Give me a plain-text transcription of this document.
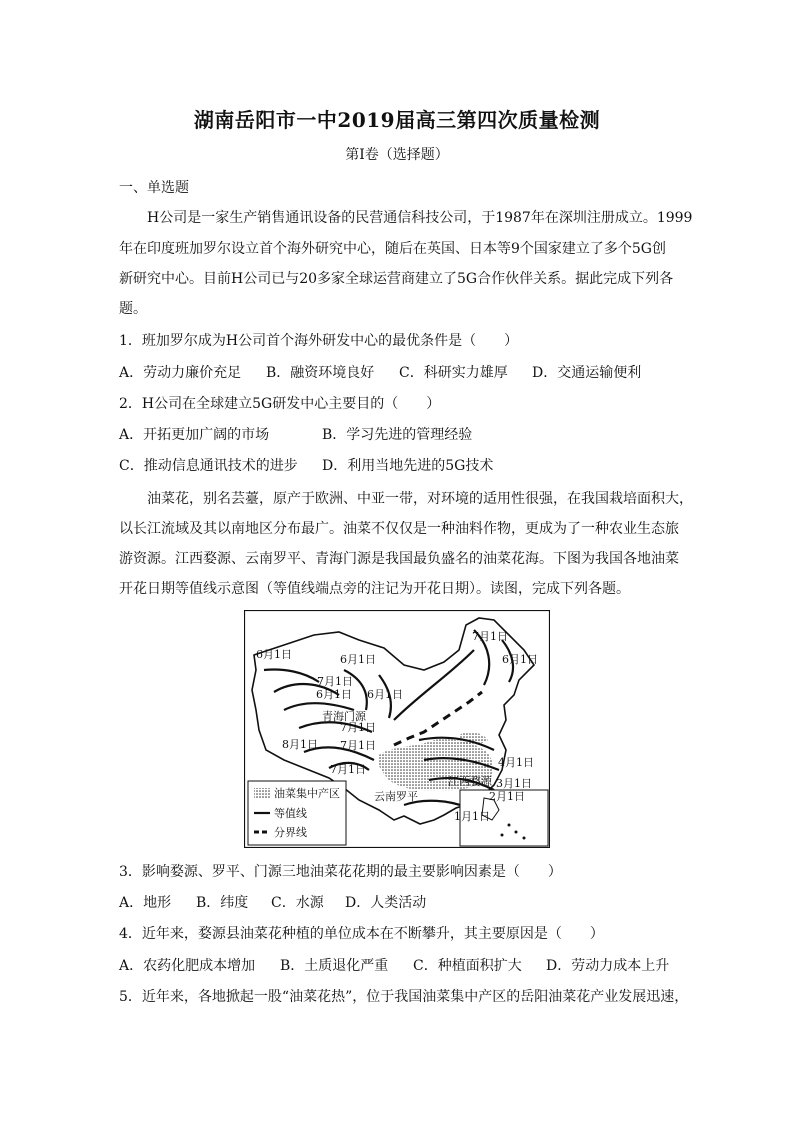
湖南岳阳市一中2019届高三第四次质量检测
第I卷（选择题）
一、单选题
H公司是一家生产销售通讯设备的民营通信科技公司，于1987年在深圳注册成立。1999
年在印度班加罗尔设立首个海外研究中心，随后在英国、日本等9个国家建立了多个5G创
新研究中心。目前H公司已与20多家全球运营商建立了5G合作伙伴关系。据此完成下列各
题。
1．班加罗尔成为H公司首个海外研发中心的最优条件是（　　）
A．劳动力廉价充足 B．融资环境良好 C．科研实力雄厚 D．交通运输便利
2．H公司在全球建立5G研发中心主要目的（　　）
A．开拓更加广阔的市场	B．学习先进的管理经验
C．推动信息通讯技术的进步 D．利用当地先进的5G技术
油菜花，别名芸薹，原产于欧洲、中亚一带，对环境的适用性很强，在我国栽培面积大，
以长江流域及其以南地区分布最广。油菜不仅仅是一种油料作物，更成为了一种农业生态旅
游资源。江西婺源、云南罗平、青海门源是我国最负盛名的油菜花海。下图为我国各地油菜
开花日期等值线示意图（等值线端点旁的注记为开花日期）。读图，完成下列各题。
6月1日	6月1日
7月1日
6月1日
7月1日
6月1日 6月1日
青海门源
7月1日
8月1日 7月1日
7月1日
4月1日
3月1日
江西婺源
2月1日
1月1日
云南罗平
油菜集中产区
等值线
分界线
3．影响婺源、罗平、门源三地油菜花花期的最主要影响因素是（　　）
A．地形 B．纬度 C．水源 D．人类活动
4．近年来，婺源县油菜花种植的单位成本在不断攀升，其主要原因是（　　）
A．农药化肥成本增加 B．土质退化严重 C．种植面积扩大 D．劳动力成本上升
5．近年来，各地掀起一股“油菜花热”，位于我国油菜集中产区的岳阳油菜花产业发展迅速，
